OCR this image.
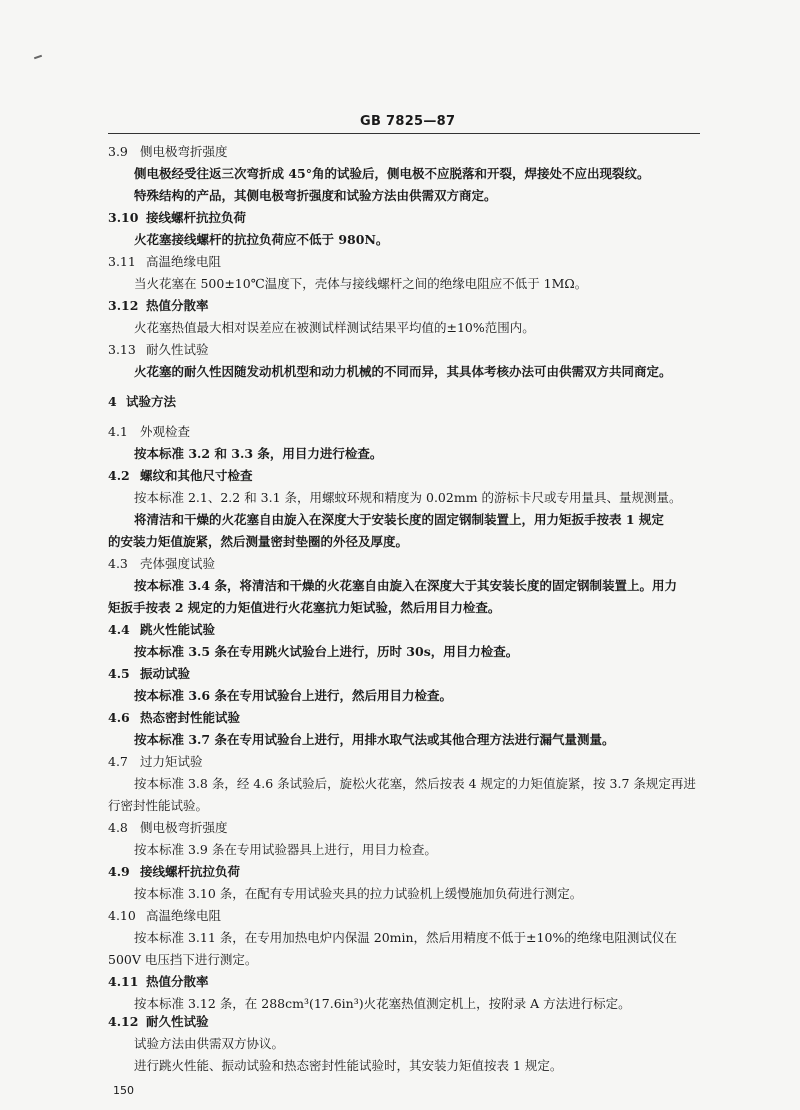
GB 7825—87
3.9 侧电极弯折强度
侧电极经受往返三次弯折成 45°角的试验后，侧电极不应脱落和开裂，焊接处不应出现裂纹。
特殊结构的产品，其侧电极弯折强度和试验方法由供需双方商定。
3.10 接线螺杆抗拉负荷
火花塞接线螺杆的抗拉负荷应不低于 980N。
3.11 高温绝缘电阻
当火花塞在 500±10℃温度下，壳体与接线螺杆之间的绝缘电阻应不低于 1MΩ。
3.12 热值分散率
火花塞热值最大相对误差应在被测试样测试结果平均值的±10%范围内。
3.13 耐久性试验
火花塞的耐久性因随发动机机型和动力机械的不同而异，其具体考核办法可由供需双方共同商定。
4 试验方法
4.1 外观检查
按本标准 3.2 和 3.3 条，用目力进行检查。
4.2 螺纹和其他尺寸检查
按本标准 2.1、2.2 和 3.1 条，用螺蚊环规和精度为 0.02mm 的游标卡尺或专用量具、量规测量。
将清洁和干燥的火花塞自由旋入在深度大于安装长度的固定钢制装置上，用力矩扳手按表 1 规定
的安装力矩值旋紧，然后测量密封垫圈的外径及厚度。
4.3 壳体强度试验
按本标准 3.4 条，将清洁和干燥的火花塞自由旋入在深度大于其安装长度的固定钢制装置上。用力
矩扳手按表 2 规定的力矩值进行火花塞抗力矩试验，然后用目力检查。
4.4 跳火性能试验
按本标准 3.5 条在专用跳火试验台上进行，历时 30s，用目力检查。
4.5 振动试验
按本标准 3.6 条在专用试验台上进行，然后用目力检查。
4.6 热态密封性能试验
按本标准 3.7 条在专用试验台上进行，用排水取气法或其他合理方法进行漏气量测量。
4.7 过力矩试验
按本标准 3.8 条，经 4.6 条试验后，旋松火花塞，然后按表 4 规定的力矩值旋紧，按 3.7 条规定再进
行密封性能试验。
4.8 侧电极弯折强度
按本标准 3.9 条在专用试验器具上进行，用目力检查。
4.9 接线螺杆抗拉负荷
按本标准 3.10 条，在配有专用试验夹具的拉力试验机上缓慢施加负荷进行测定。
4.10 高温绝缘电阻
按本标准 3.11 条，在专用加热电炉内保温 20min，然后用精度不低于±10%的绝缘电阻测试仪在
500V 电压挡下进行测定。
4.11 热值分散率
按本标准 3.12 条，在 288cm³(17.6in³)火花塞热值测定机上，按附录 A 方法进行标定。
4.12 耐久性试验
试验方法由供需双方协议。
进行跳火性能、振动试验和热态密封性能试验时，其安装力矩值按表 1 规定。
150
